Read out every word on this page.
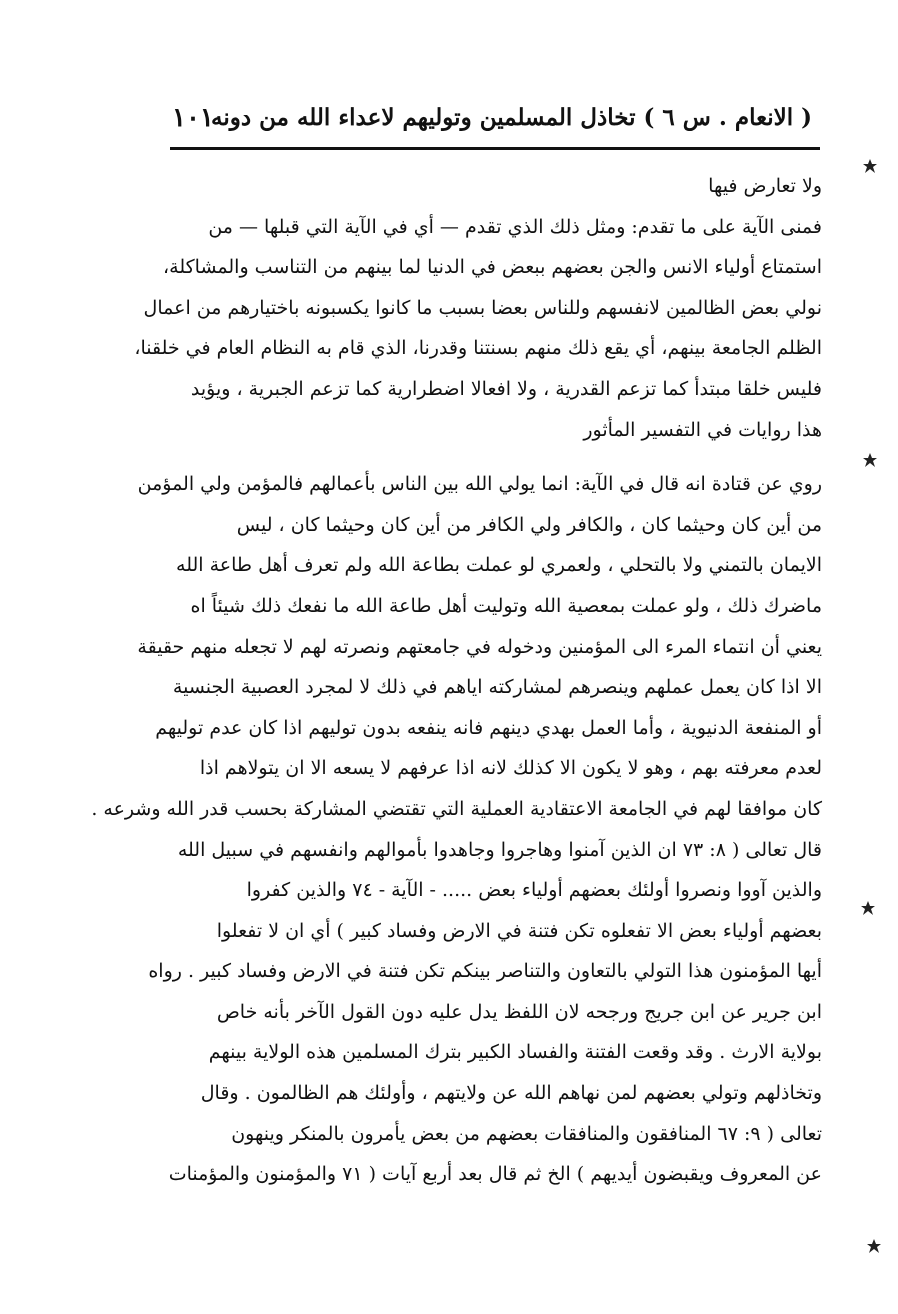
( الانعام . س ٦ ) تخاذل المسلمين وتوليهم لاعداء الله من دونه
١٠١
ولا تعارض فيها
فمنى الآية على ما تقدم: ومثل ذلك الذي تقدم — أي في الآية التي قبلها — من
استمتاع أولياء الانس والجن بعضهم ببعض في الدنيا لما بينهم من التناسب والمشاكلة،
نولي بعض الظالمين لانفسهم وللناس بعضا بسبب ما كانوا يكسبونه باختيارهم من اعمال
الظلم الجامعة بينهم، أي يقع ذلك منهم بسنتنا وقدرنا، الذي قام به النظام العام في خلقنا،
فليس خلقا مبتدأ كما تزعم القدرية ، ولا افعالا اضطرارية كما تزعم الجبرية ، ويؤيد
هذا روايات في التفسير المأثور
روي عن قتادة انه قال في الآية: انما يولي الله بين الناس بأعمالهم فالمؤمن ولي المؤمن
من أين كان وحيثما كان ، والكافر ولي الكافر من أين كان وحيثما كان ، ليس
الايمان بالتمني ولا بالتحلي ، ولعمري لو عملت بطاعة الله ولم تعرف أهل طاعة الله
ماضرك ذلك ، ولو عملت بمعصية الله وتوليت أهل طاعة الله ما نفعك ذلك شيئاً اه
يعني أن انتماء المرء الى المؤمنين ودخوله في جامعتهم ونصرته لهم لا تجعله منهم حقيقة
الا اذا كان يعمل عملهم وينصرهم لمشاركته اياهم في ذلك لا لمجرد العصبية الجنسية
أو المنفعة الدنيوية ، وأما العمل بهدي دينهم فانه ينفعه بدون توليهم اذا كان عدم توليهم
لعدم معرفته بهم ، وهو لا يكون الا كذلك لانه اذا عرفهم لا يسعه الا ان يتولاهم اذا
كان موافقا لهم في الجامعة الاعتقادية العملية التي تقتضي المشاركة بحسب قدر الله وشرعه .
قال تعالى ( ٨: ٧٣ ان الذين آمنوا وهاجروا وجاهدوا بأموالهم وانفسهم في سبيل الله
والذين آووا ونصروا أولئك بعضهم أولياء بعض ..... - الآية - ٧٤ والذين كفروا
بعضهم أولياء بعض الا تفعلوه تكن فتنة في الارض وفساد كبير ) أي ان لا تفعلوا
أيها المؤمنون هذا التولي بالتعاون والتناصر بينكم تكن فتنة في الارض وفساد كبير . رواه
ابن جرير عن ابن جريج ورجحه لان اللفظ يدل عليه دون القول الآخر بأنه خاص
بولاية الارث . وقد وقعت الفتنة والفساد الكبير بترك المسلمين هذه الولاية بينهم
وتخاذلهم وتولي بعضهم لمن نهاهم الله عن ولايتهم ، وأولئك هم الظالمون . وقال
تعالى ( ٩: ٦٧ المنافقون والمنافقات بعضهم من بعض يأمرون بالمنكر وينهون
عن المعروف ويقبضون أيديهم ) الخ ثم قال بعد أربع آيات ( ٧١ والمؤمنون والمؤمنات
